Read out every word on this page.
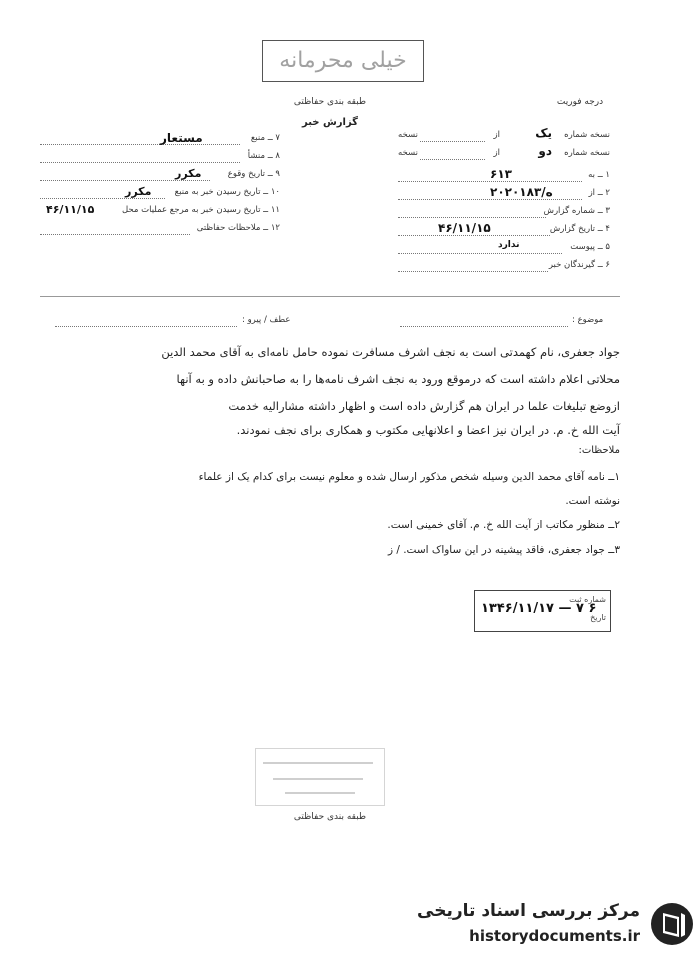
خیلی محرمانه
طبقه بندی حفاظتی	درجه فوریت
گزارش خبر
۷ ــ منبع
مستعار
۸ ــ منشأ
۹ ــ تاریخ وقوع
مکرر
۱۰ ــ تاریخ رسیدن خبر به منبع
مکرر
۱۱ ــ تاریخ رسیدن خبر به مرجع عملیات محل
۴۶/۱۱/۱۵
۱۲ ــ ملاحظات حفاظتی
نسخه شماره
یک
از
نسخه
نسخه شماره
دو
از
نسخه
۱ ــ به
۶۱۳
۲ ــ از
۲۰ه/۲۰۱۸۳
۳ ــ شماره گزارش
۴ ــ تاریخ گزارش
۴۶/۱۱/۱۵
۵ ــ پیوست
ندارد
۶ ــ گیرندگان خبر
موضوع :
عطف / پیرو :
جواد جعفری، نام کهمدتی است به نجف اشرف مسافرت نموده حامل نامه‌ای به آقای محمد الدین
محلاتی اعلام داشته است که درموقع ورود به نجف اشرف نامه‌ها را به صاحبانش داده و به آنها
ازوضع تبلیغات علما در ایران هم گزارش داده است و اظهار داشته مشارالیه خدمت
آیت الله خ. م. در ایران نیز اعضا و اعلانهایی مکتوب و همکاری برای نجف نمودند.
ملاحظات:
۱ــ نامه آقای محمد الدین وسیله شخص مذکور ارسال شده و معلوم نیست برای کدام یک از علماء
نوشته است.
۲ــ منظور مکاتب از آیت الله خ. م. آقای خمینی است.
۳ــ جواد جعفری، فاقد پیشینه در این ساواک است. / ز
شماره ثبت
تاریخ
۱۳۴۶/۱۱/۱۷ — ۷ ۶
طبقه بندی حفاظتی
مرکز بررسی اسناد تاریخی
historydocuments.ir
